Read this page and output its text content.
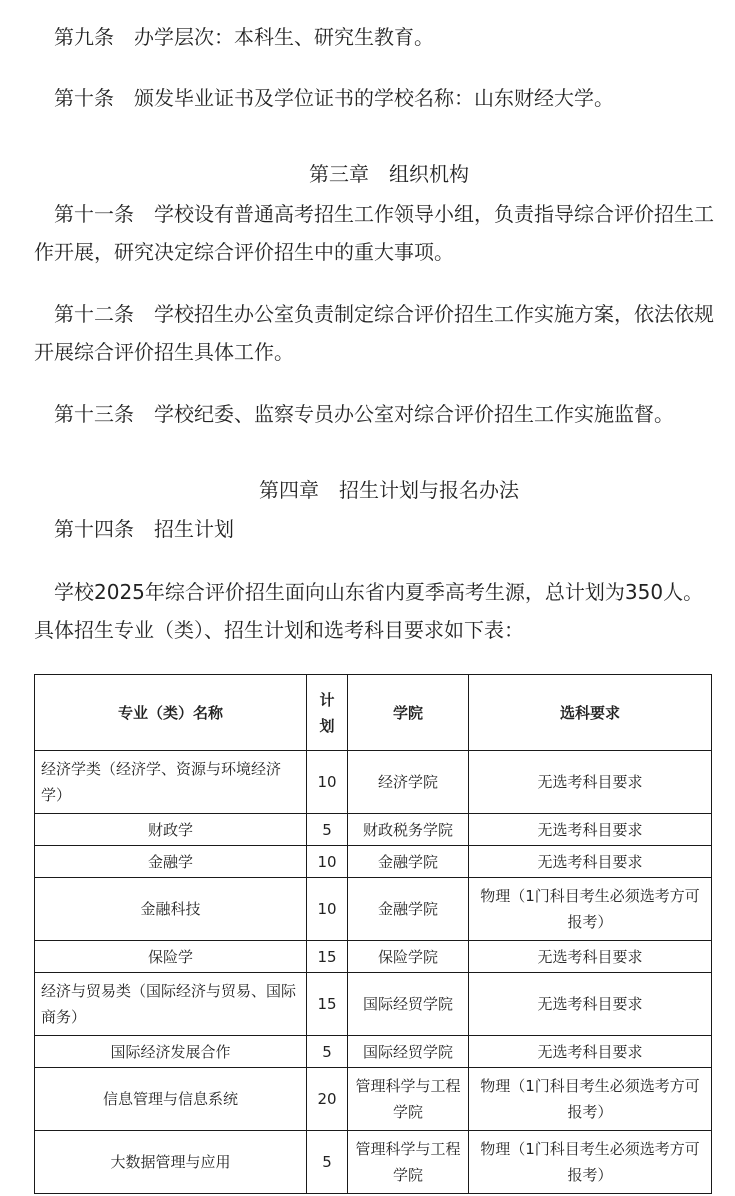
第九条　办学层次：本科生、研究生教育。

第十条　颁发毕业证书及学位证书的学校名称：山东财经大学。

第三章　组织机构

第十一条　学校设有普通高考招生工作领导小组，负责指导综合评价招生工作开展，研究决定综合评价招生中的重大事项。

第十二条　学校招生办公室负责制定综合评价招生工作实施方案，依法依规开展综合评价招生具体工作。

第十三条　学校纪委、监察专员办公室对综合评价招生工作实施监督。

第四章　招生计划与报名办法

第十四条　招生计划

学校2025年综合评价招生面向山东省内夏季高考生源，总计划为350人。具体招生专业（类）、招生计划和选考科目要求如下表：

专业（类）名称	计划	学院	选科要求
经济学类（经济学、资源与环境经济学）	10	经济学院	无选考科目要求
财政学	5	财政税务学院	无选考科目要求
金融学	10	金融学院	无选考科目要求
金融科技	10	金融学院	物理（1门科目考生必须选考方可报考）
保险学	15	保险学院	无选考科目要求
经济与贸易类（国际经济与贸易、国际商务）	15	国际经贸学院	无选考科目要求
国际经济发展合作	5	国际经贸学院	无选考科目要求
信息管理与信息系统	20	管理科学与工程学院	物理（1门科目考生必须选考方可报考）
大数据管理与应用	5	管理科学与工程学院	物理（1门科目考生必须选考方可报考）
